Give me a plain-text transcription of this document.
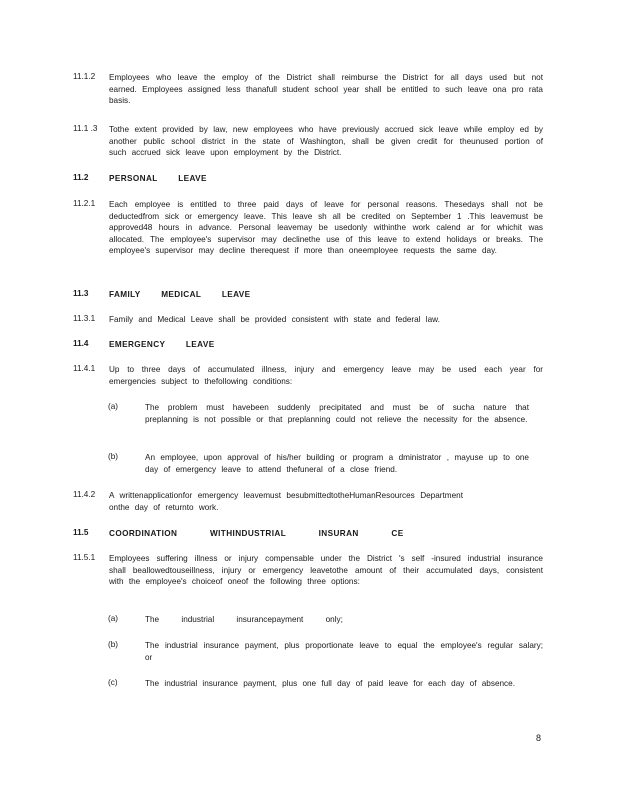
11.1.2	Employees who leave the employ of the District shall reimburse the District for all days used but not earned. Employees assigned less thanafull student school year shall be entitled to such leave ona pro rata basis.
11.1 .3	Tothe extent provided by law, new employees who have previously accrued sick leave while employ ed by another public school district in the state of Washington, shall be given credit for theunused portion of such accrued sick leave upon employment by the District.
11.2	PERSONAL LEAVE
11.2.1	Each employee is entitled to three paid days of leave for personal reasons. Thesedays shall not be deductedfrom sick or emergency leave. This leave sh all be credited on September 1 .This leavemust be approved48 hours in advance. Personal leavemay be usedonly withinthe work calend ar for whichit was allocated. The employee's supervisor may declinethe use of this leave to extend holidays or breaks. The employee's supervisor may decline therequest if more than oneemployee requests the same day.
11.3	FAMILY MEDICAL LEAVE
11.3.1	Family and Medical Leave shall be provided consistent with state and federal law.
11.4	EMERGENCY LEAVE
11.4.1	Up to three days of accumulated illness, injury and emergency leave may be used each year for emergencies subject to thefollowing conditions:
(a)	The problem must havebeen suddenly precipitated and must be of sucha nature that preplanning is not possible or that preplanning could not relieve the necessity for the absence.
(b)	An employee, upon approval of his/her building or program a dministrator , mayuse up to one day of emergency leave to attend thefuneral of a close friend.
11.4.2	A writtenapplicationfor emergency leavemust besubmittedtotheHumanResources Department onthe day of returnto work.
11.5	COORDINATION WITHINDUSTRIAL INSURAN CE
11.5.1	Employees suffering illness or injury compensable under the District 's self -insured industrial insurance shall beallowedtouseillness, injury or emergency leavetothe amount of their accumulated days, consistent with the employee's choiceof oneof the following three options:
(a)	The industrial insurancepayment only;
(b)	The industrial insurance payment, plus proportionate leave to equal the employee's regular salary; or
(c)	The industrial insurance payment, plus one full day of paid leave for each day of absence.
8
